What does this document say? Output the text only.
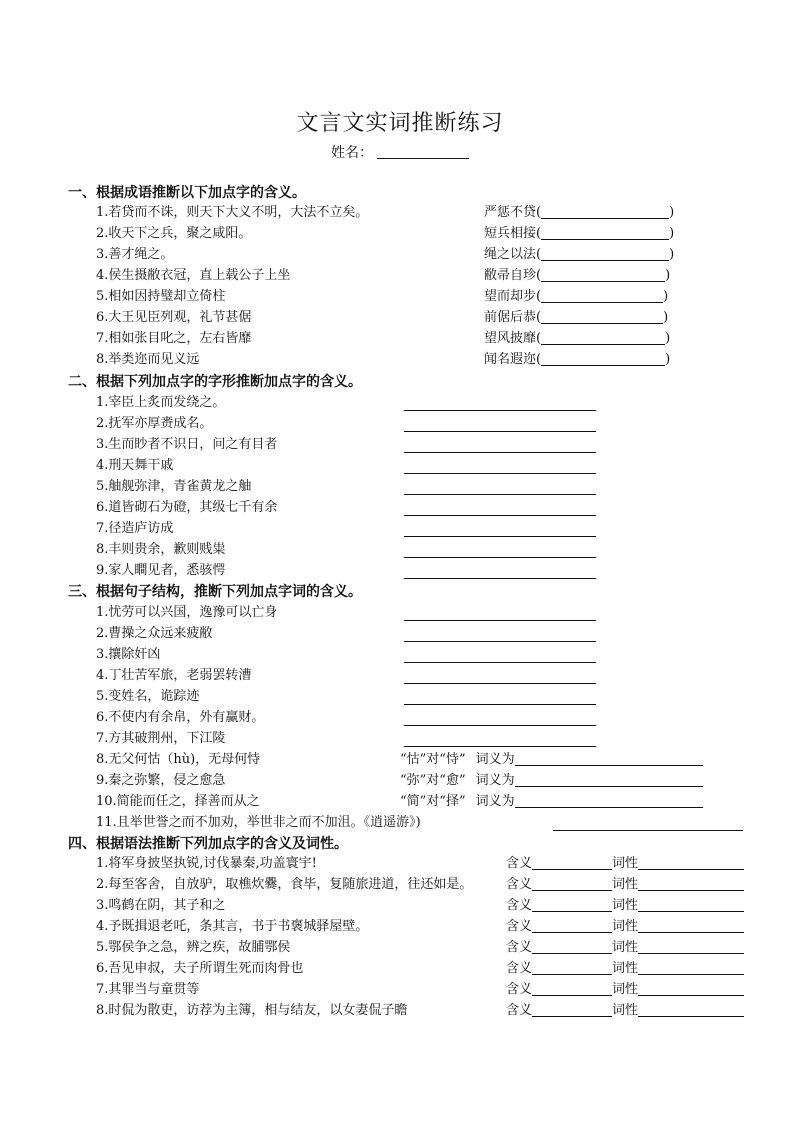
文言文实词推断练习
姓名：
一、根据成语推断以下加点字的含义。
1.若贷而不诛，则天下大义不明，大法不立矣。	严惩不贷(	)
2.收天下之兵，聚之咸阳。	短兵相接(	)
3.善才绳之。	绳之以法(	)
4.侯生摄敝衣冠，直上载公子上坐	敝帚自珍(	)
5.相如因持璧却立倚柱	望而却步(	)
6.大王见臣列观，礼节甚倨	前倨后恭(	)
7.相如张目叱之，左右皆靡	望风披靡(	)
8.举类迩而见义远	闻名遐迩(	)
二、根据下列加点字的字形推断加点字的含义。
1.宰臣上炙而发绕之。
2.抚军亦厚赉成名。
3.生而眇者不识日，问之有目者
4.刑天舞干戚
5.舳舰弥津，青雀黄龙之舳
6.道皆砌石为磴，其级七千有余
7.径造庐访成
8.丰则贵余，歉则贱粜
9.家人瞷见者，悉骇愕
三、根据句子结构，推断下列加点字词的含义。
1.忧劳可以兴国，逸豫可以亡身
2.曹操之众远来疲敝
3.攘除奸凶
4.丁壮苦军旅，老弱罢转漕
5.变姓名，诡踪迹
6.不使内有余帛，外有赢财。
7.方其破荆州，下江陵
8.无父何怙（hù)，无母何恃	“怙”对“恃” 词义为
9.秦之弥繁，侵之愈急	“弥”对“愈” 词义为
10.简能而任之，择善而从之	“简”对“择” 词义为
11.且举世誉之而不加劝，举世非之而不加沮。《逍遥游》)
四、根据语法推断下列加点字的含义及词性。
1.将军身披坚执锐,讨伐暴秦,功盖寰宇!	含义	词性
2.每至客舍，自放驴，取樵炊爨，食毕，复随旅进道，往还如是。	含义	词性
3.鸣鹤在阴，其子和之	含义	词性
4.予既揖退老吒，条其言，书于书褒城驿屋壁。	含义	词性
5.鄂侯争之急，辨之疾，故脯鄂侯	含义	词性
6.吾见申叔，夫子所谓生死而肉骨也	含义	词性
7.其罪当与童贯等	含义	词性
8.时侃为散吏，访荐为主簿，相与结友，以女妻侃子瞻	含义	词性
